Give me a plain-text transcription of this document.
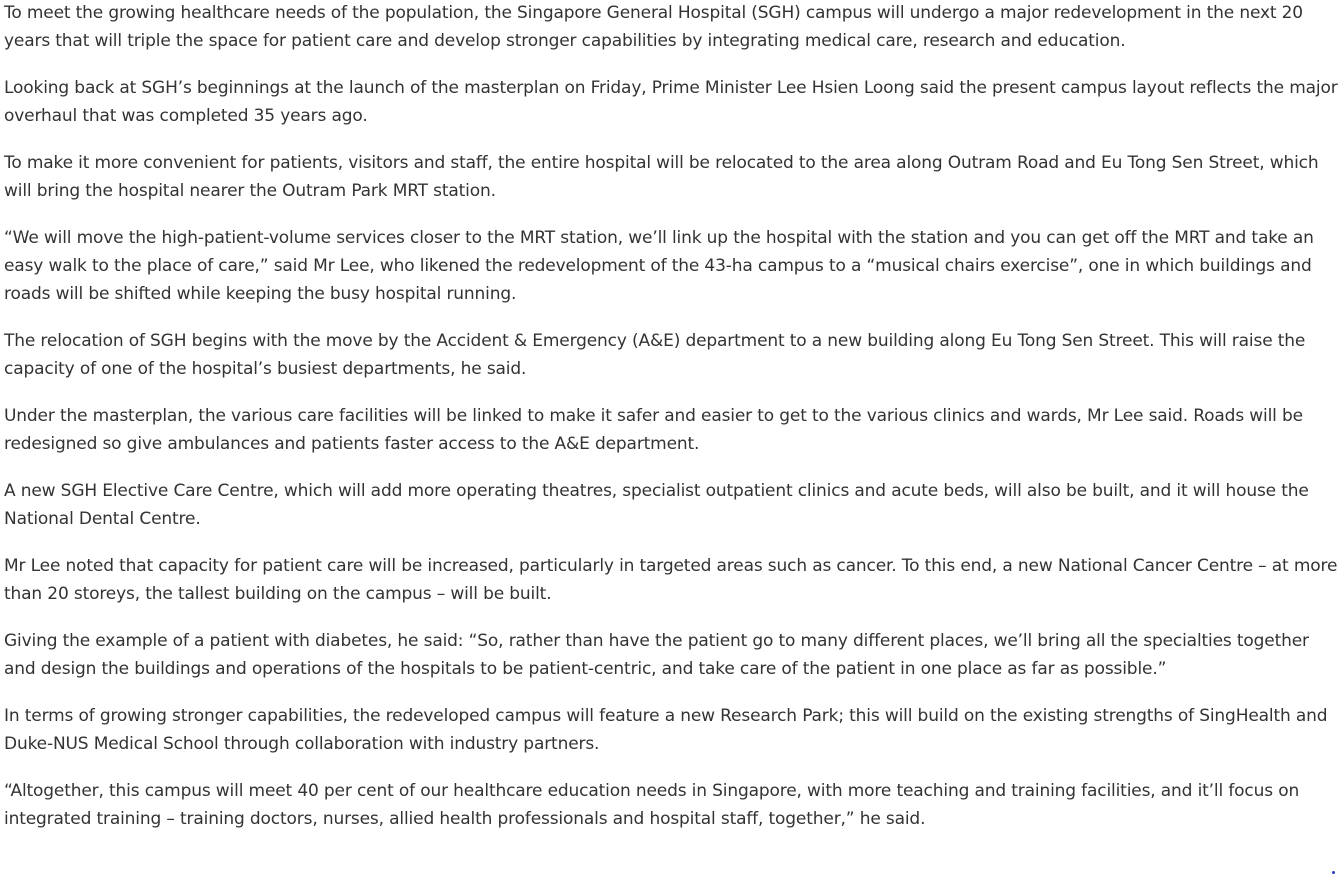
To meet the growing healthcare needs of the population, the Singapore General Hospital (SGH) campus will undergo a major redevelopment in the next 20 years that will triple the space for patient care and develop stronger capabilities by integrating medical care, research and education.

Looking back at SGH’s beginnings at the launch of the masterplan on Friday, Prime Minister Lee Hsien Loong said the present campus layout reflects the major overhaul that was completed 35 years ago.

To make it more convenient for patients, visitors and staff, the entire hospital will be relocated to the area along Outram Road and Eu Tong Sen Street, which will bring the hospital nearer the Outram Park MRT station.

“We will move the high-patient-volume services closer to the MRT station, we’ll link up the hospital with the station and you can get off the MRT and take an easy walk to the place of care,” said Mr Lee, who likened the redevelopment of the 43-ha campus to a “musical chairs exercise”, one in which buildings and roads will be shifted while keeping the busy hospital running.

The relocation of SGH begins with the move by the Accident & Emergency (A&E) department to a new building along Eu Tong Sen Street. This will raise the capacity of one of the hospital’s busiest departments, he said.

Under the masterplan, the various care facilities will be linked to make it safer and easier to get to the various clinics and wards, Mr Lee said. Roads will be redesigned so give ambulances and patients faster access to the A&E department.

A new SGH Elective Care Centre, which will add more operating theatres, specialist outpatient clinics and acute beds, will also be built, and it will house the National Dental Centre.

Mr Lee noted that capacity for patient care will be increased, particularly in targeted areas such as cancer. To this end, a new National Cancer Centre – at more than 20 storeys, the tallest building on the campus – will be built.

Giving the example of a patient with diabetes, he said: “So, rather than have the patient go to many different places, we’ll bring all the specialties together and design the buildings and operations of the hospitals to be patient-centric, and take care of the patient in one place as far as possible.”

In terms of growing stronger capabilities, the redeveloped campus will feature a new Research Park; this will build on the existing strengths of SingHealth and Duke-NUS Medical School through collaboration with industry partners.

“Altogether, this campus will meet 40 per cent of our healthcare education needs in Singapore, with more teaching and training facilities, and it’ll focus on integrated training – training doctors, nurses, allied health professionals and hospital staff, together,” he said.
